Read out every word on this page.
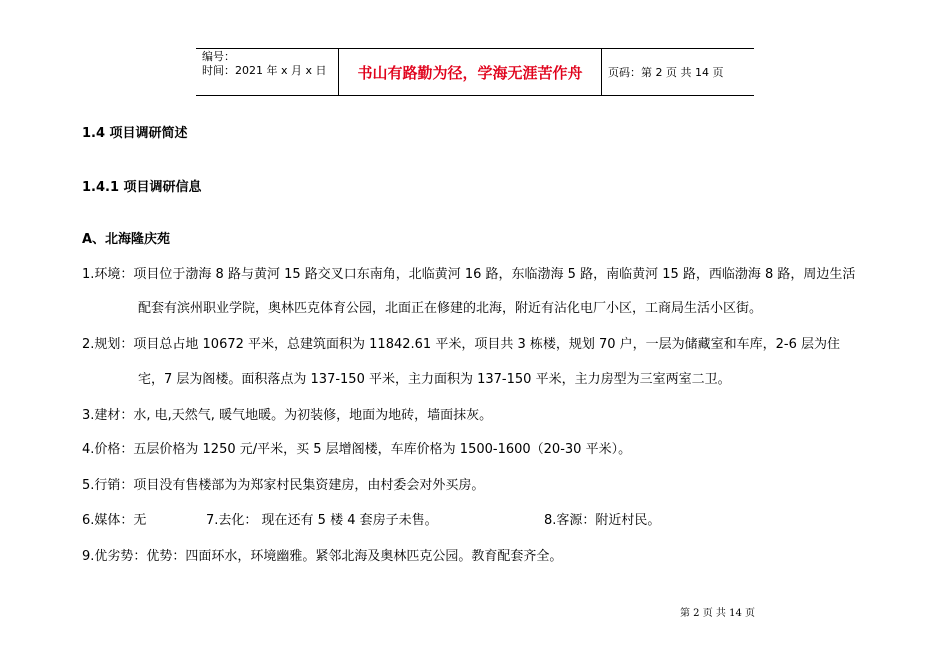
编号：
时间：2021 年 x 月 x 日	书山有路勤为径，学海无涯苦作舟	页码：第 2 页 共 14 页
1.4 项目调研简述
1.4.1 项目调研信息
A、北海隆庆苑
1.环境：项目位于渤海 8 路与黄河 15 路交叉口东南角，北临黄河 16 路，东临渤海 5 路，南临黄河 15 路，西临渤海 8 路，周边生活
配套有滨州职业学院，奥林匹克体育公园，北面正在修建的北海，附近有沾化电厂小区，工商局生活小区街。
2.规划：项目总占地 10672 平米，总建筑面积为 11842.61 平米，项目共 3 栋楼，规划 70 户，一层为储藏室和车库，2-6 层为住
宅，7 层为阁楼。面积落点为 137-150 平米，主力面积为 137-150 平米，主力房型为三室两室二卫。
3.建材：水, 电,天然气, 暖气地暖。为初装修，地面为地砖，墙面抹灰。
4.价格：五层价格为 1250 元/平米，买 5 层增阁楼，车库价格为 1500-1600（20-30 平米）。
5.行销：项目没有售楼部为为郑家村民集资建房，由村委会对外买房。
6.媒体：无	7.去化： 现在还有 5 楼 4 套房子未售。	8.客源：附近村民。
9.优劣势：优势：四面环水，环境幽雅。紧邻北海及奥林匹克公园。教育配套齐全。
第 2 页 共 14 页
